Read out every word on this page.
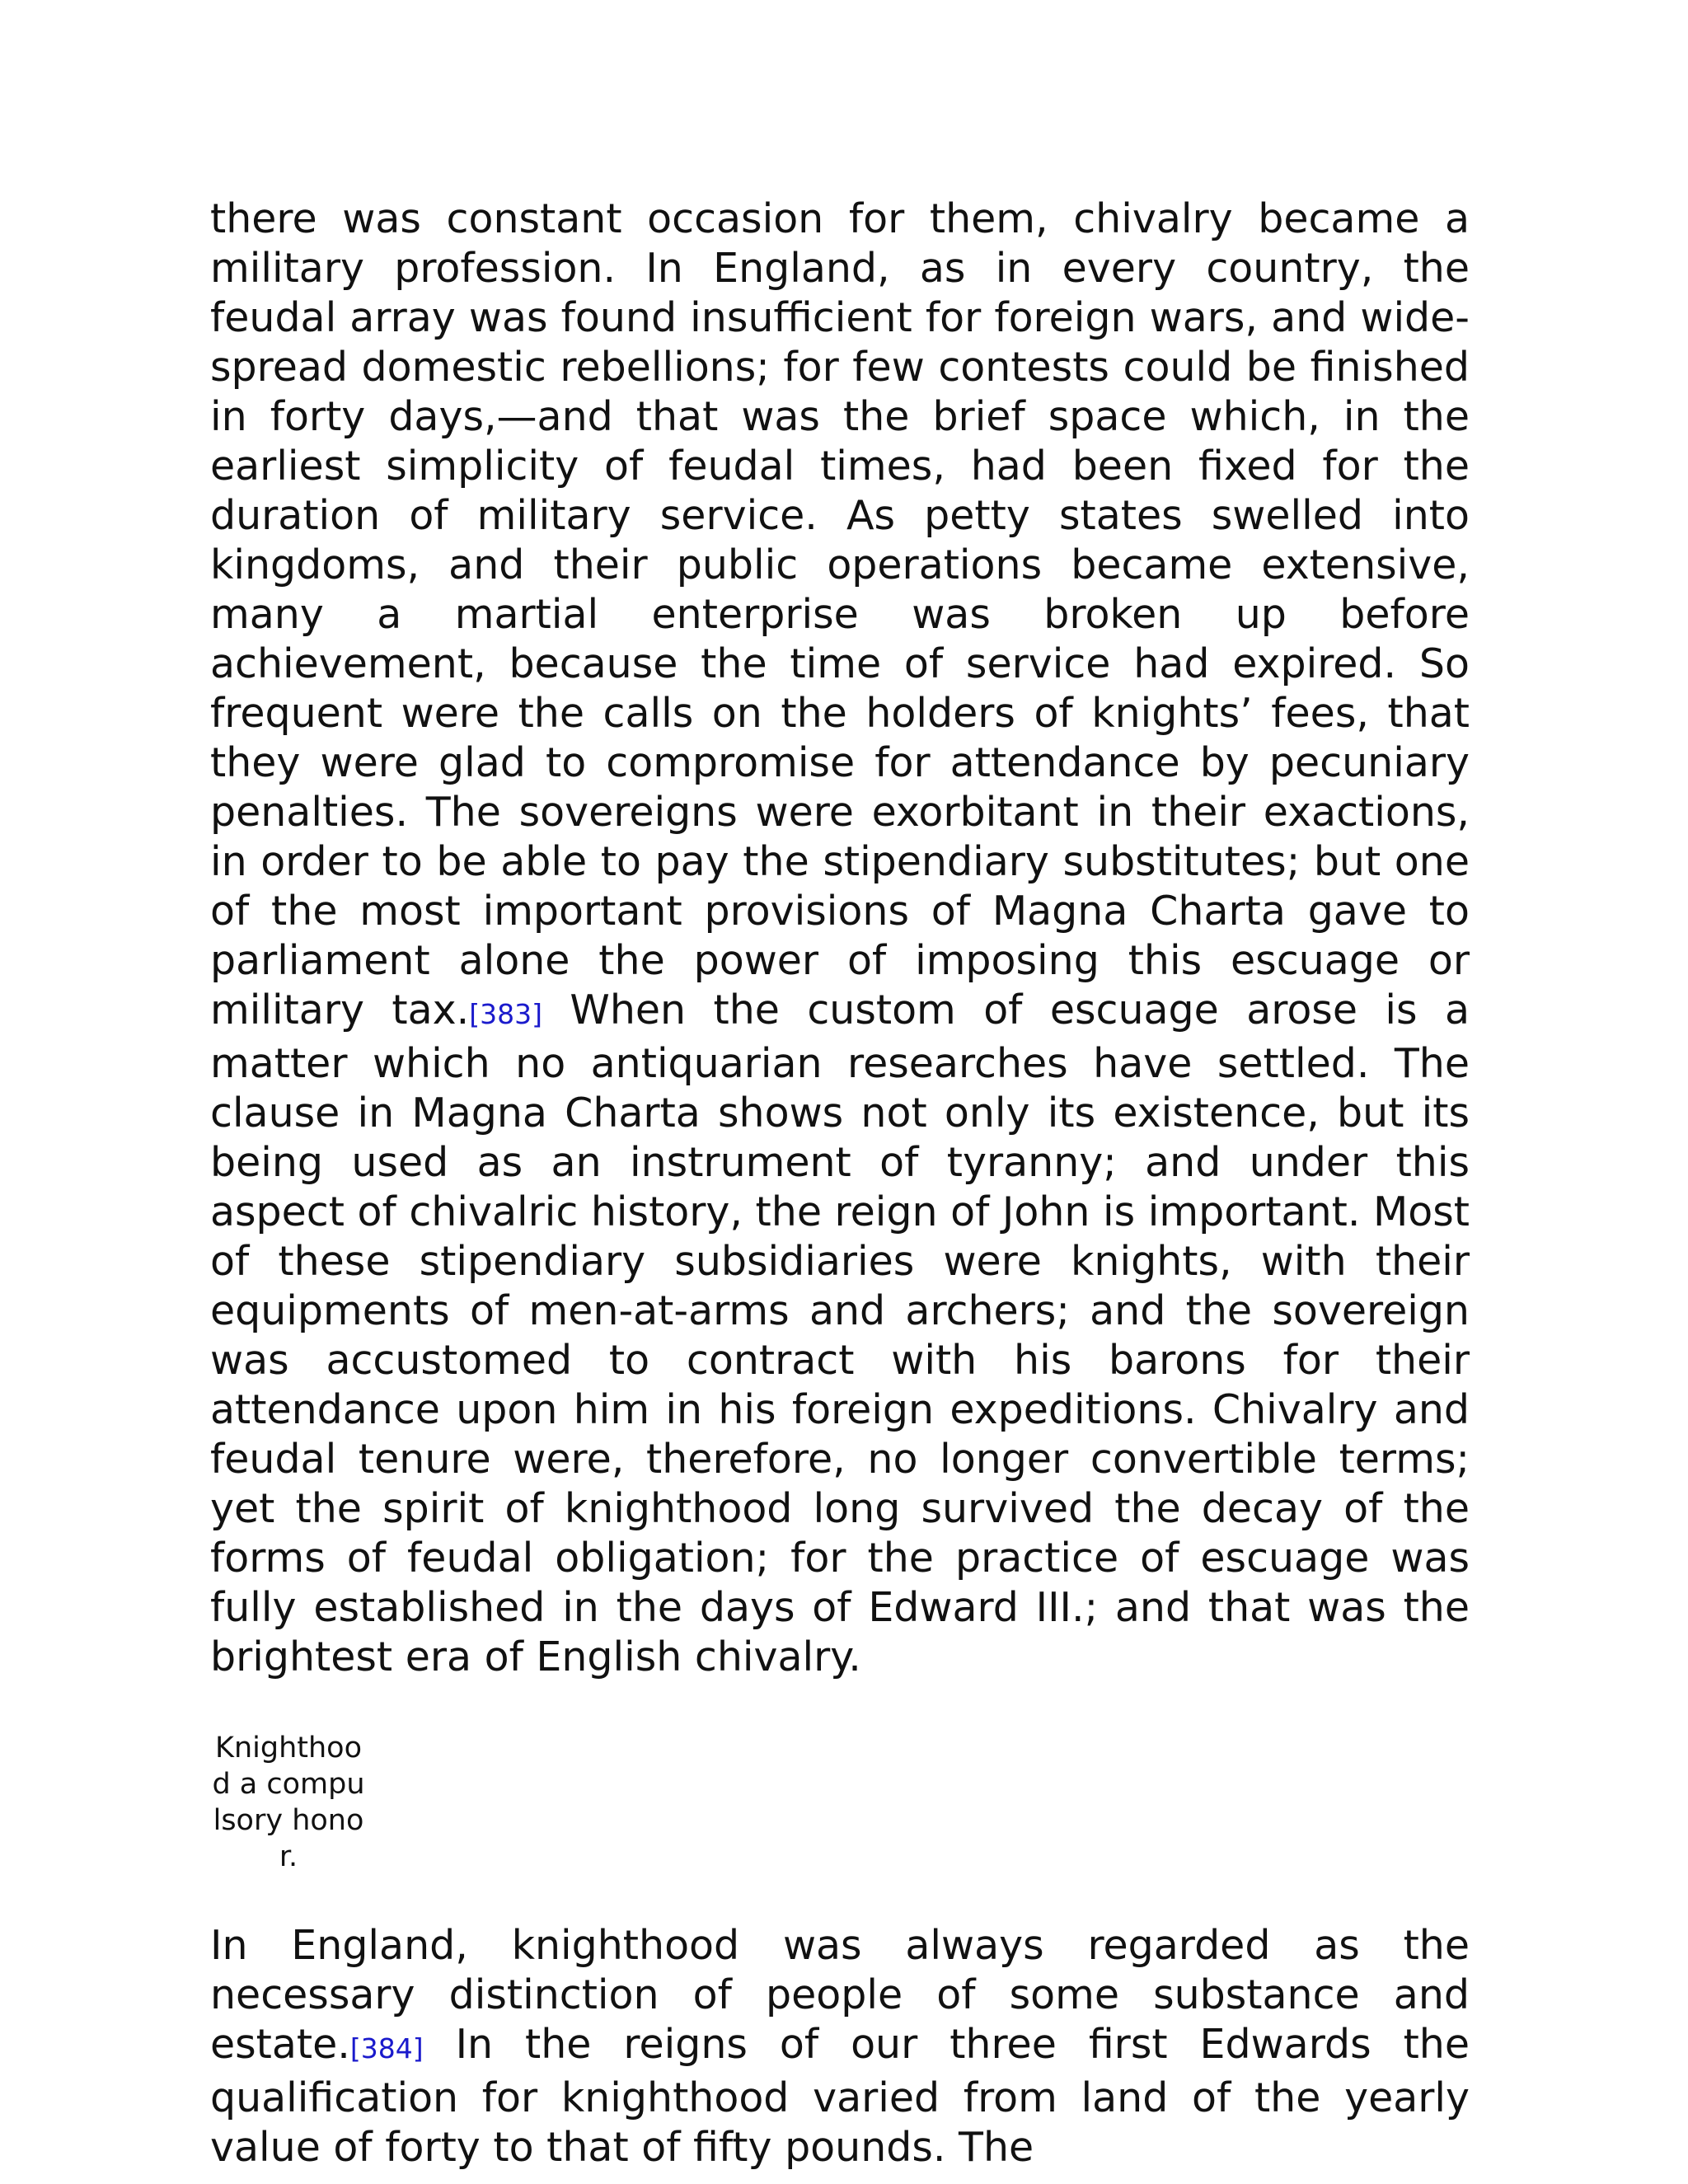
there was constant occasion for them, chivalry became a military profession. In England, as in every country, the feudal array was found insufficient for foreign wars, and wide-spread domestic rebellions; for few contests could be finished in forty days,—and that was the brief space which, in the earliest simplicity of feudal times, had been fixed for the duration of military service. As petty states swelled into kingdoms, and their public operations became extensive, many a martial enterprise was broken up before achievement, because the time of service had expired. So frequent were the calls on the holders of knights’ fees, that they were glad to compromise for attendance by pecuniary penalties. The sovereigns were exorbitant in their exactions, in order to be able to pay the stipendiary substitutes; but one of the most important provisions of Magna Charta gave to parliament alone the power of imposing this escuage or military tax.[383] When the custom of escuage arose is a matter which no antiquarian researches have settled. The clause in Magna Charta shows not only its existence, but its being used as an instrument of tyranny; and under this aspect of chivalric history, the reign of John is important. Most of these stipendiary subsidiaries were knights, with their equipments of men-at-arms and archers; and the sovereign was accustomed to contract with his barons for their attendance upon him in his foreign expeditions. Chivalry and feudal tenure were, therefore, no longer convertible terms; yet the spirit of knighthood long survived the decay of the forms of feudal obligation; for the practice of escuage was fully established in the days of Edward III.; and that was the brightest era of English chivalry.

Knighthood a compulsory honor.

In England, knighthood was always regarded as the necessary distinction of people of some substance and estate.[384] In the reigns of our three first Edwards the qualification for knighthood varied from land of the yearly value of forty to that of fifty pounds. The
